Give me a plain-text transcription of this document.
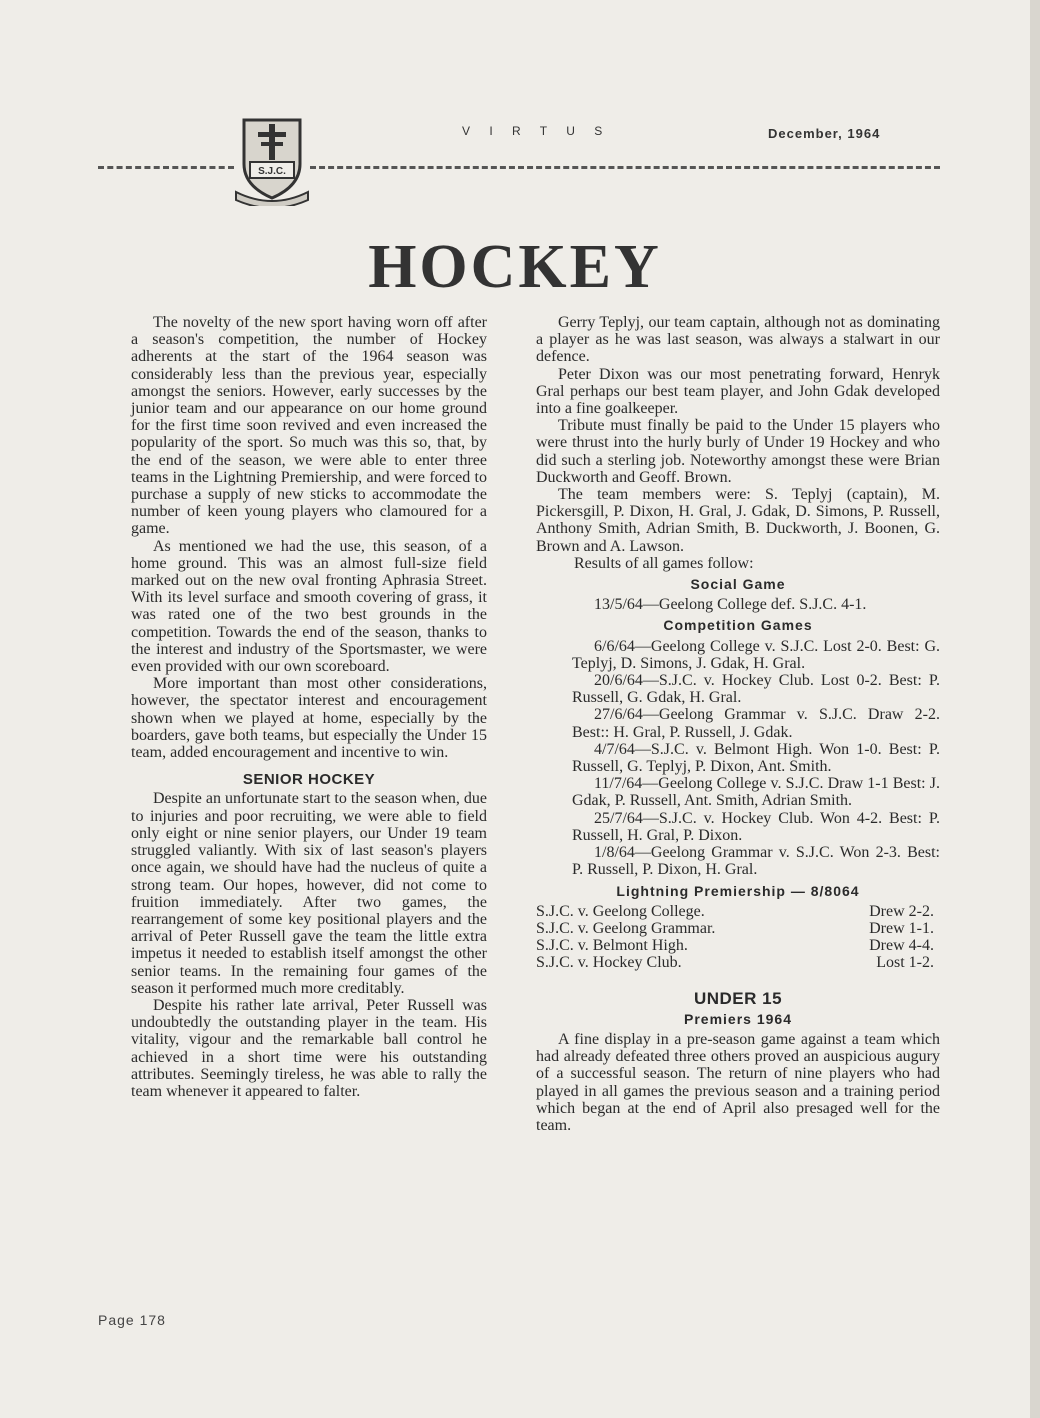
S.J.C.
V I R T U S	December, 1964
HOCKEY

The novelty of the new sport having worn off after a season's competition, the number of Hockey adherents at the start of the 1964 season was considerably less than the previous year, especially amongst the seniors. However, early successes by the junior team and our appearance on our home ground for the first time soon revived and even increased the popularity of the sport. So much was this so, that, by the end of the season, we were able to enter three teams in the Lightning Premiership, and were forced to purchase a supply of new sticks to accommodate the number of keen young players who clamoured for a game.

As mentioned we had the use, this season, of a home ground. This was an almost full-size field marked out on the new oval fronting Aphrasia Street. With its level surface and smooth covering of grass, it was rated one of the two best grounds in the competition. Towards the end of the season, thanks to the interest and industry of the Sportsmaster, we were even provided with our own scoreboard.

More important than most other considerations, however, the spectator interest and encouragement shown when we played at home, especially by the boarders, gave both teams, but especially the Under 15 team, added encouragement and incentive to win.

SENIOR HOCKEY

Despite an unfortunate start to the season when, due to injuries and poor recruiting, we were able to field only eight or nine senior players, our Under 19 team struggled valiantly. With six of last season's players once again, we should have had the nucleus of quite a strong team. Our hopes, however, did not come to fruition immediately. After two games, the rearrangement of some key positional players and the arrival of Peter Russell gave the team the little extra impetus it needed to establish itself amongst the other senior teams. In the remaining four games of the season it performed much more creditably.

Despite his rather late arrival, Peter Russell was undoubtedly the outstanding player in the team. His vitality, vigour and the remarkable ball control he achieved in a short time were his outstanding attributes. Seemingly tireless, he was able to rally the team whenever it appeared to falter.

Gerry Teplyj, our team captain, although not as dominating a player as he was last season, was always a stalwart in our defence.

Peter Dixon was our most penetrating forward, Henryk Gral perhaps our best team player, and John Gdak developed into a fine goalkeeper.

Tribute must finally be paid to the Under 15 players who were thrust into the hurly burly of Under 19 Hockey and who did such a sterling job. Noteworthy amongst these were Brian Duckworth and Geoff. Brown.

The team members were: S. Teplyj (captain), M. Pickersgill, P. Dixon, H. Gral, J. Gdak, D. Simons, P. Russell, Anthony Smith, Adrian Smith, B. Duckworth, J. Boonen, G. Brown and A. Lawson.

Results of all games follow:

Social Game

13/5/64—Geelong College def. S.J.C. 4-1.

Competition Games

6/6/64—Geelong College v. S.J.C. Lost 2-0. Best: G. Teplyj, D. Simons, J. Gdak, H. Gral.

20/6/64—S.J.C. v. Hockey Club. Lost 0-2. Best: P. Russell, G. Gdak, H. Gral.

27/6/64—Geelong Grammar v. S.J.C. Draw 2-2. Best:: H. Gral, P. Russell, J. Gdak.

4/7/64—S.J.C. v. Belmont High. Won 1-0. Best: P. Russell, G. Teplyj, P. Dixon, Ant. Smith.

11/7/64—Geelong College v. S.J.C. Draw 1-1 Best: J. Gdak, P. Russell, Ant. Smith, Adrian Smith.

25/7/64—S.J.C. v. Hockey Club. Won 4-2. Best: P. Russell, H. Gral, P. Dixon.

1/8/64—Geelong Grammar v. S.J.C. Won 2-3. Best: P. Russell, P. Dixon, H. Gral.

Lightning Premiership — 8/8064
S.J.C. v. Geelong College.	Drew 2-2.
S.J.C. v. Geelong Grammar.	Drew 1-1.
S.J.C. v. Belmont High.	Drew 4-4.
S.J.C. v. Hockey Club.	Lost 1-2.
UNDER 15
Premiers 1964

A fine display in a pre-season game against a team which had already defeated three others proved an auspicious augury of a successful season. The return of nine players who had played in all games the previous season and a training period which began at the end of April also presaged well for the team.

Page 178
